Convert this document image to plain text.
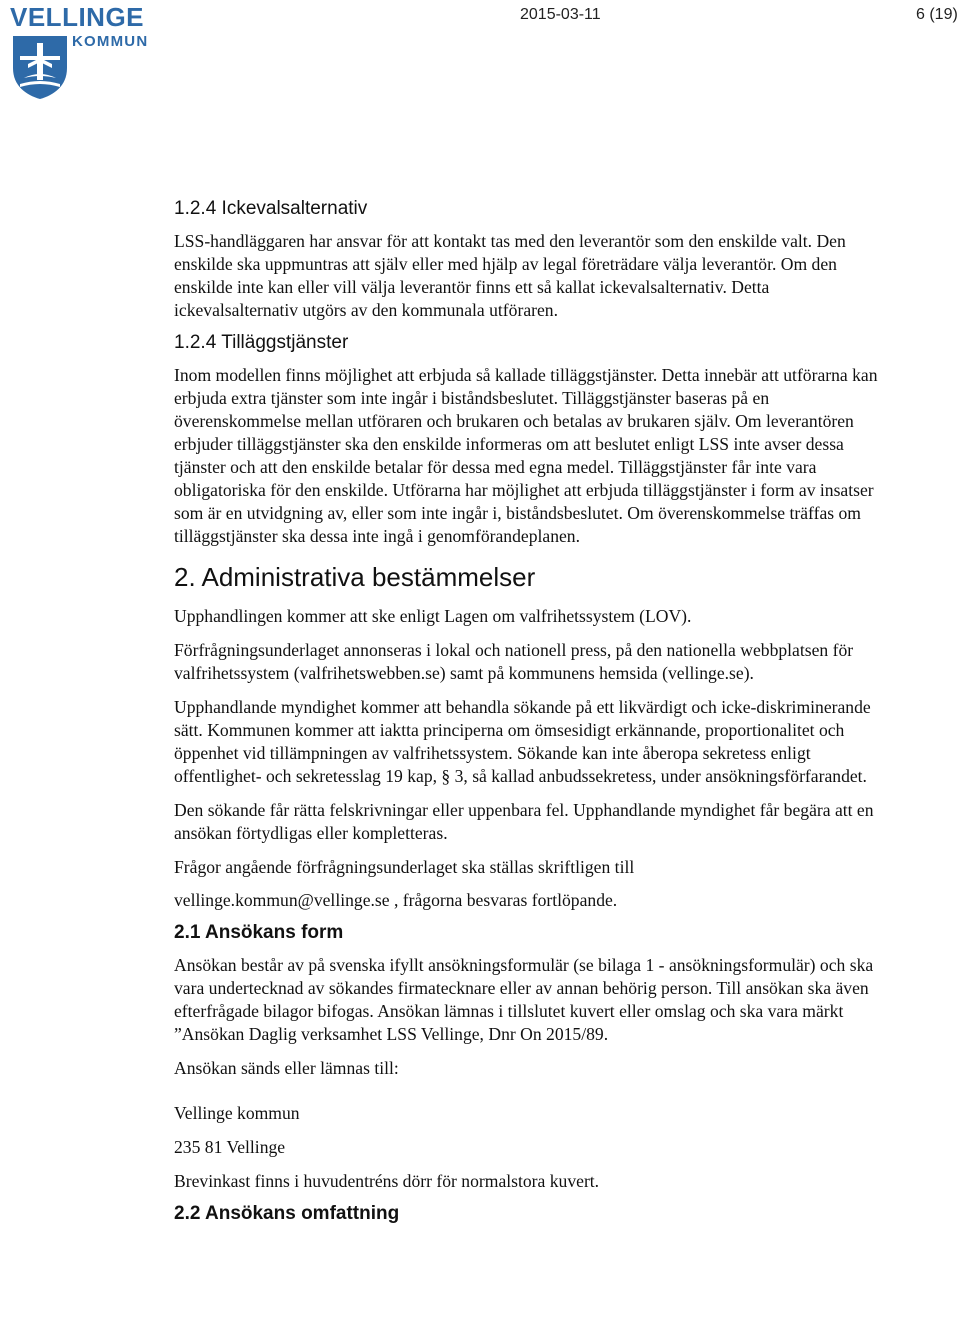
VELLINGE
KOMMUN
2015-03-11	6 (19)
1.2.4 Ickevalsalternativ

LSS-handläggaren har ansvar för att kontakt tas med den leverantör som den enskilde valt. Den enskilde ska uppmuntras att själv eller med hjälp av legal företrädare välja leverantör. Om den enskilde inte kan eller vill välja leverantör finns ett så kallat ickevalsalternativ. Detta ickevalsalternativ utgörs av den kommunala utföraren.

1.2.4 Tilläggstjänster

Inom modellen finns möjlighet att erbjuda så kallade tilläggstjänster. Detta innebär att utförarna kan erbjuda extra tjänster som inte ingår i biståndsbeslutet. Tilläggstjänster baseras på en överenskommelse mellan utföraren och brukaren och betalas av brukaren själv. Om leverantören erbjuder tilläggstjänster ska den enskilde informeras om att beslutet enligt LSS inte avser dessa tjänster och att den enskilde betalar för dessa med egna medel. Tilläggstjänster får inte vara obligatoriska för den enskilde. Utförarna har möjlighet att erbjuda tilläggstjänster i form av insatser som är en utvidgning av, eller som inte ingår i, biståndsbeslutet. Om överenskommelse träffas om tilläggstjänster ska dessa inte ingå i genomförandeplanen.

2. Administrativa bestämmelser

Upphandlingen kommer att ske enligt Lagen om valfrihetssystem (LOV).

Förfrågningsunderlaget annonseras i lokal och nationell press, på den nationella webbplatsen för valfrihetssystem (valfrihetswebben.se) samt på kommunens hemsida (vellinge.se).

Upphandlande myndighet kommer att behandla sökande på ett likvärdigt och icke-diskriminerande sätt. Kommunen kommer att iaktta principerna om ömsesidigt erkännande, proportionalitet och öppenhet vid tillämpningen av valfrihetssystem. Sökande kan inte åberopa sekretess enligt offentlighet- och sekretesslag 19 kap, § 3, så kallad anbudssekretess, under ansökningsförfarandet.

Den sökande får rätta felskrivningar eller uppenbara fel. Upphandlande myndighet får begära att en ansökan förtydligas eller kompletteras.

Frågor angående förfrågningsunderlaget ska ställas skriftligen till

vellinge.kommun@vellinge.se , frågorna besvaras fortlöpande.

2.1 Ansökans form

Ansökan består av på svenska ifyllt ansökningsformulär (se bilaga 1 - ansökningsformulär) och ska vara undertecknad av sökandes firmatecknare eller av annan behörig person. Till ansökan ska även efterfrågade bilagor bifogas. Ansökan lämnas i tillslutet kuvert eller omslag och ska vara märkt ”Ansökan Daglig verksamhet LSS Vellinge, Dnr On 2015/89.

Ansökan sänds eller lämnas till:

Vellinge kommun

235 81 Vellinge

Brevinkast finns i huvudentréns dörr för normalstora kuvert.

2.2 Ansökans omfattning
